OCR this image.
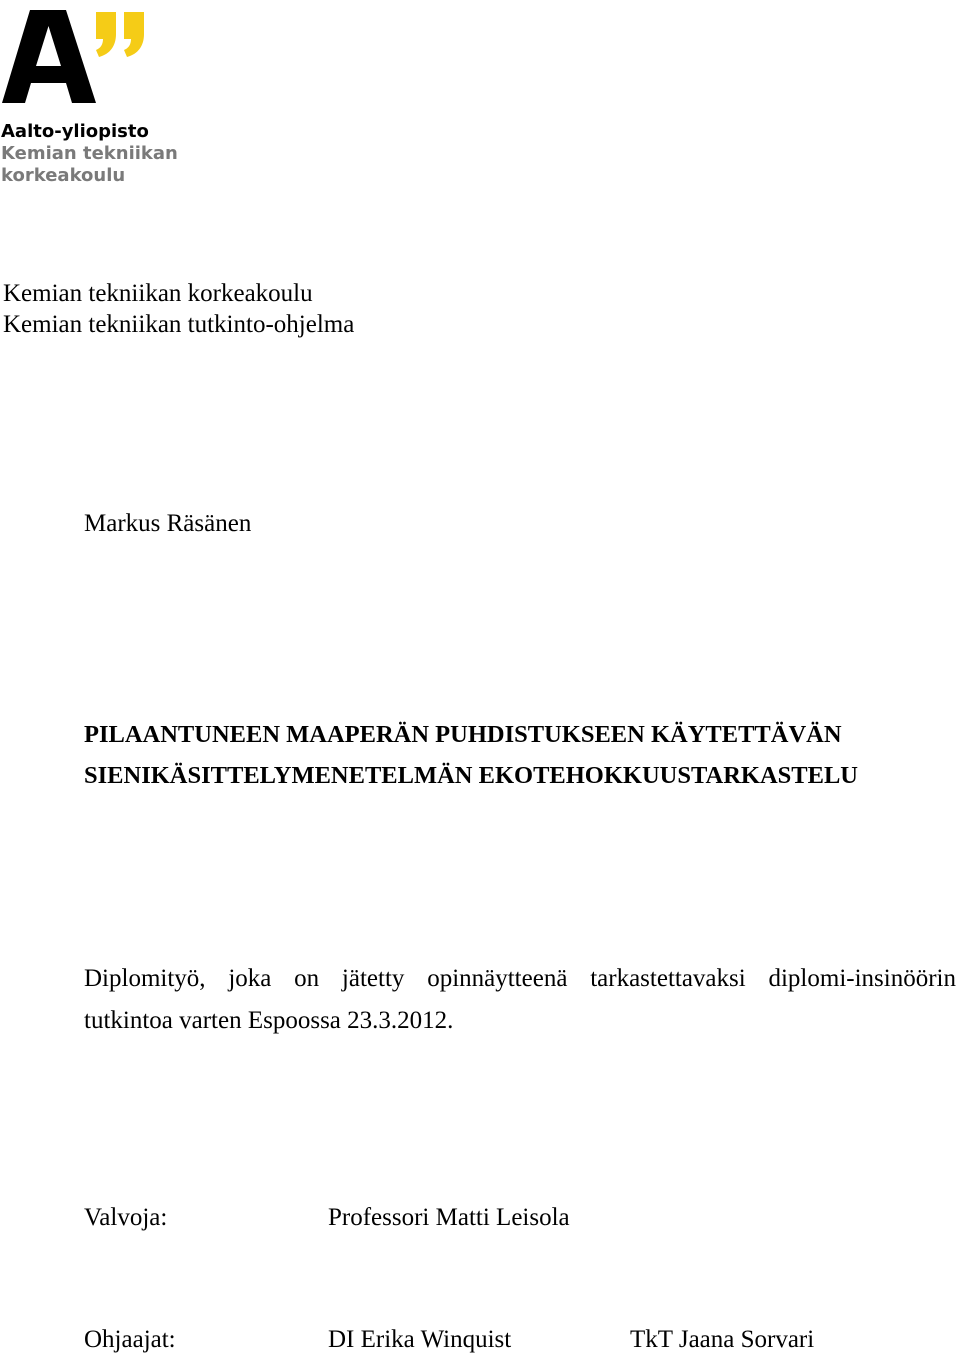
Aalto-yliopisto
Kemian tekniikan
korkeakoulu
Kemian tekniikan korkeakoulu
Kemian tekniikan tutkinto-ohjelma
Markus Räsänen
PILAANTUNEEN MAAPERÄN PUHDISTUKSEEN KÄYTETTÄVÄN
SIENIKÄSITTELYMENETELMÄN EKOTEHOKKUUSTARKASTELU
Diplomityö, joka on jätetty opinnäytteenä tarkastettavaksi diplomi-insinöörin
tutkintoa varten Espoossa 23.3.2012.
Valvoja:	Professori Matti Leisola
Ohjaajat:	DI Erika Winquist	TkT Jaana Sorvari
